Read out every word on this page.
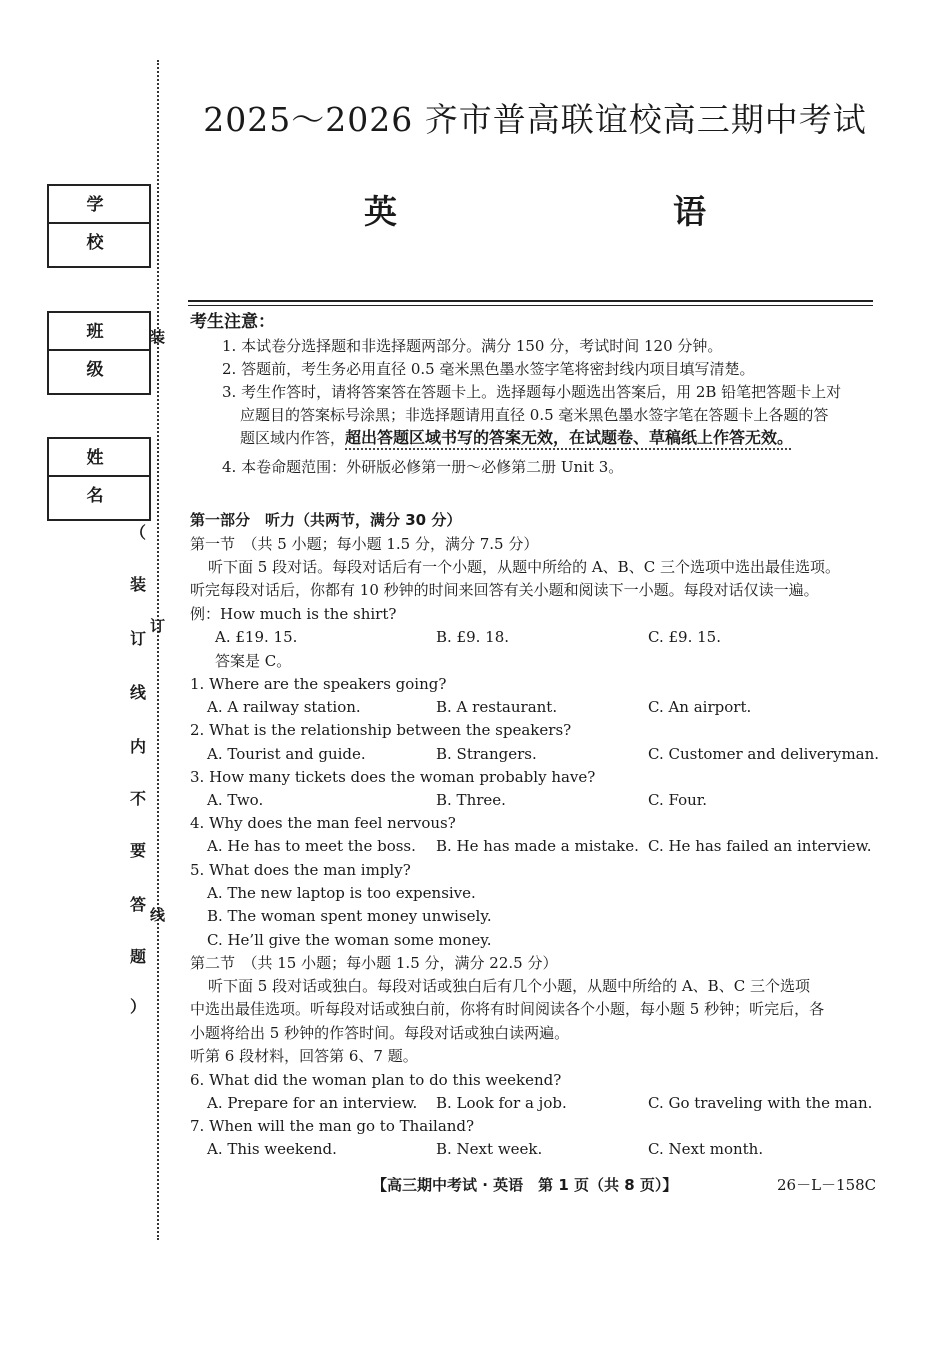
学 校
班 级
姓 名
装
订
线
（
装
订
线
内
不
要
答
题
）
2025～2026 齐市普高联谊校高三期中考试
英　　语
考生注意：
1. 本试卷分选择题和非选择题两部分。满分 150 分，考试时间 120 分钟。
2. 答题前，考生务必用直径 0.5 毫米黑色墨水签字笔将密封线内项目填写清楚。
3. 考生作答时，请将答案答在答题卡上。选择题每小题选出答案后，用 2B 铅笔把答题卡上对
应题目的答案标号涂黑；非选择题请用直径 0.5 毫米黑色墨水签字笔在答题卡上各题的答
题区域内作答，超出答题区域书写的答案无效，在试题卷、草稿纸上作答无效。
4. 本卷命题范围：外研版必修第一册～必修第二册 Unit 3。
第一部分　听力（共两节，满分 30 分）
第一节　（共 5 小题；每小题 1.5 分，满分 7.5 分）
听下面 5 段对话。每段对话后有一个小题，从题中所给的 A、B、C 三个选项中选出最佳选项。
听完每段对话后，你都有 10 秒钟的时间来回答有关小题和阅读下一小题。每段对话仅读一遍。
例：How much is the shirt?
A. £19. 15.	B. £9. 18.	C. £9. 15.
答案是 C。
1. Where are the speakers going?
A. A railway station.	B. A restaurant.	C. An airport.
2. What is the relationship between the speakers?
A. Tourist and guide.	B. Strangers.	C. Customer and deliveryman.
3. How many tickets does the woman probably have?
A. Two.	B. Three.	C. Four.
4. Why does the man feel nervous?
A. He has to meet the boss. B. He has made a mistake. C. He has failed an interview.
5. What does the man imply?
A. The new laptop is too expensive.
B. The woman spent money unwisely.
C. He’ll give the woman some money.
第二节　（共 15 小题；每小题 1.5 分，满分 22.5 分）
听下面 5 段对话或独白。每段对话或独白后有几个小题，从题中所给的 A、B、C 三个选项
中选出最佳选项。听每段对话或独白前，你将有时间阅读各个小题，每小题 5 秒钟；听完后，各
小题将给出 5 秒钟的作答时间。每段对话或独白读两遍。
听第 6 段材料，回答第 6、7 题。
6. What did the woman plan to do this weekend?
A. Prepare for an interview. B. Look for a job.	C. Go traveling with the man.
7. When will the man go to Thailand?
A. This weekend.	B. Next week.	C. Next month.
【高三期中考试 · 英语　第 1 页（共 8 页）】	26－L－158C
